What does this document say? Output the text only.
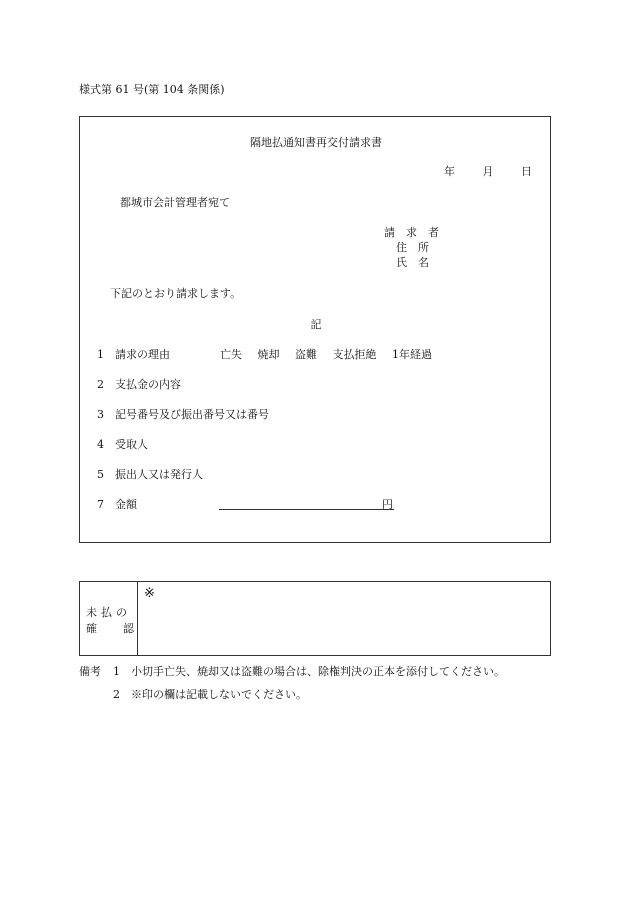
様式第 61 号(第 104 条関係)
隔地払通知書再交付請求書
年	月	日
都城市会計管理者宛て
請　求　者
住　所
氏　名
下記のとおり請求します。
記
1 請求の理由	亡失 焼却 盗難 支払拒絶 1年経過
2 支払金の内容
3 記号番号及び振出番号又は番号
4 受取人
5 振出人又は発行人
7 金額	円
未払の
確 認
※
備考 1　小切手亡失、焼却又は盗難の場合は、除権判決の正本を添付してください。
2　※印の欄は記載しないでください。
